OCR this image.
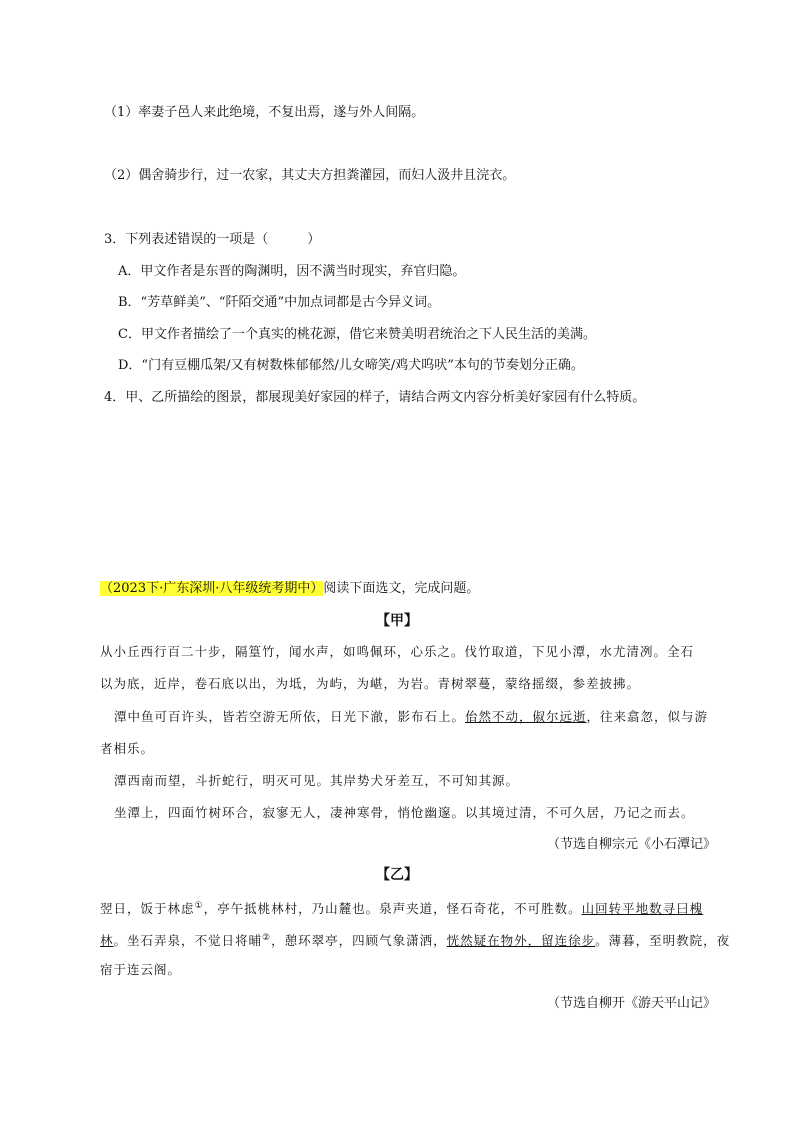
（1）率妻子邑人来此绝境，不复出焉，遂与外人间隔。
（2）偶舍骑步行，过一农家，其丈夫方担粪灌园，而妇人汲井且浣衣。
3．下列表述错误的一项是（　　　）
A．甲文作者是东晋的陶渊明，因不满当时现实，弃官归隐。
B．“芳草鲜美”、“阡陌交通”中加点词都是古今异义词。
C．甲文作者描绘了一个真实的桃花源，借它来赞美明君统治之下人民生活的美满。
D．“门有豆棚瓜架/又有树数株郁郁然/儿女啼笑/鸡犬呜吠”本句的节奏划分正确。
4．甲、乙所描绘的图景，都展现美好家园的样子，请结合两文内容分析美好家园有什么特质。
（2023下·广东深圳·八年级统考期中）阅读下面选文，完成问题。
【甲】
从小丘西行百二十步，隔篁竹，闻水声，如鸣佩环，心乐之。伐竹取道，下见小潭，水尤清冽。全石
以为底，近岸，卷石底以出，为坻，为屿，为嵁，为岩。青树翠蔓，蒙络摇缀，参差披拂。
潭中鱼可百许头，皆若空游无所依，日光下澈，影布石上。佁然不动，俶尔远逝，往来翕忽，似与游
者相乐。
潭西南而望，斗折蛇行，明灭可见。其岸势犬牙差互，不可知其源。
坐潭上，四面竹树环合，寂寥无人，凄神寒骨，悄怆幽邃。以其境过清，不可久居，乃记之而去。
（节选自柳宗元《小石潭记》
【乙】
翌日，饭于林虑①，亭午抵桃林村，乃山麓也。泉声夹道，怪石奇花，不可胜数。山回转平地数寻曰槐
林。坐石弄泉，不觉日将晡②，憩环翠亭，四顾气象潇洒，恍然疑在物外，留连徐步。薄暮，至明教院，夜
宿于连云阁。
（节选自柳开《游天平山记》
